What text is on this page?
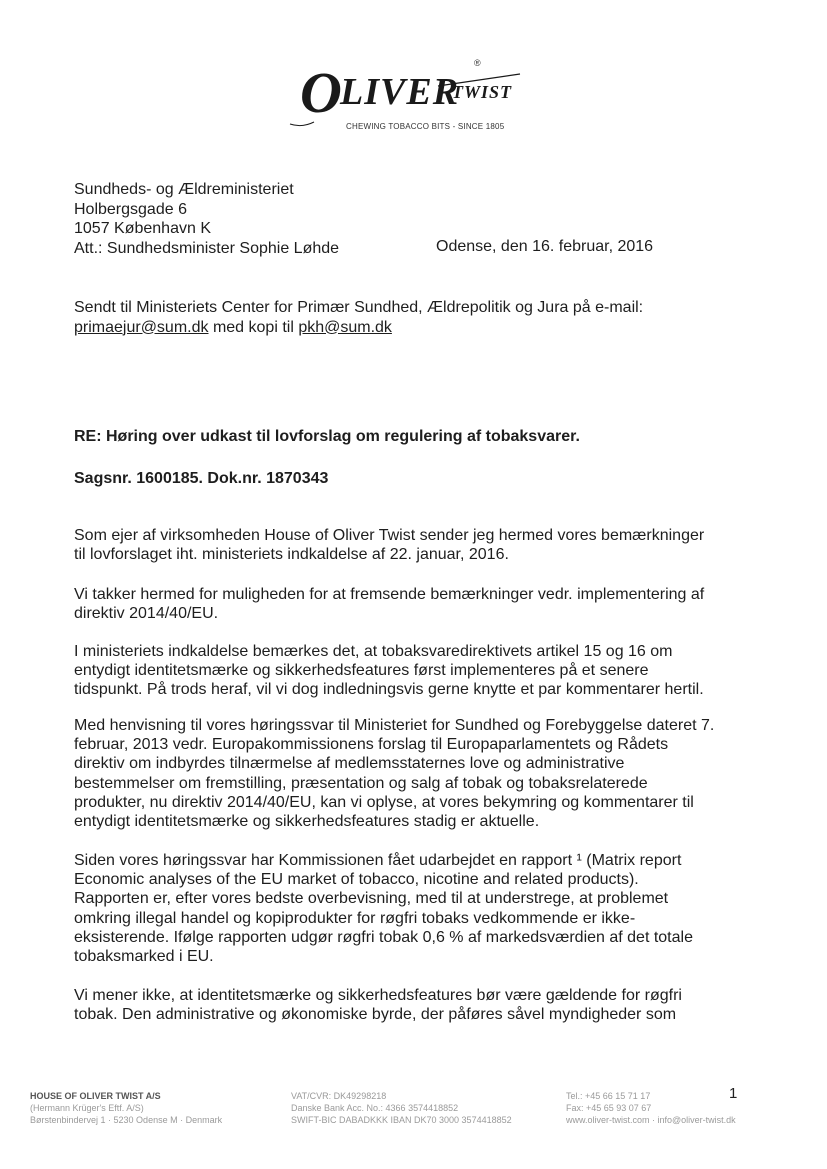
O
LIVER
®
TWIST
CHEWING TOBACCO BITS - SINCE 1805
Sundheds- og Ældreministeriet
Holbergsgade 6
1057 København K
Att.: Sundhedsminister Sophie Løhde	Odense, den 16. februar, 2016
Sendt til Ministeriets Center for Primær Sundhed, Ældrepolitik og Jura på e-mail:
primaejur@sum.dk med kopi til pkh@sum.dk
RE: Høring over udkast til lovforslag om regulering af tobaksvarer.
Sagsnr. 1600185. Dok.nr. 1870343
Som ejer af virksomheden House of Oliver Twist sender jeg hermed vores bemærkninger
til lovforslaget iht. ministeriets indkaldelse af 22. januar, 2016.
Vi takker hermed for muligheden for at fremsende bemærkninger vedr. implementering af
direktiv 2014/40/EU.
I ministeriets indkaldelse bemærkes det, at tobaksvaredirektivets artikel 15 og 16 om
entydigt identitetsmærke og sikkerhedsfeatures først implementeres på et senere
tidspunkt. På trods heraf, vil vi dog indledningsvis gerne knytte et par kommentarer hertil.
Med henvisning til vores høringssvar til Ministeriet for Sundhed og Forebyggelse dateret 7.
februar, 2013 vedr. Europakommissionens forslag til Europaparlamentets og Rådets
direktiv om indbyrdes tilnærmelse af medlemsstaternes love og administrative
bestemmelser om fremstilling, præsentation og salg af tobak og tobaksrelaterede
produkter, nu direktiv 2014/40/EU, kan vi oplyse, at vores bekymring og kommentarer til
entydigt identitetsmærke og sikkerhedsfeatures stadig er aktuelle.
Siden vores høringssvar har Kommissionen fået udarbejdet en rapport ¹ (Matrix report
Economic analyses of the EU market of tobacco, nicotine and related products).
Rapporten er, efter vores bedste overbevisning, med til at understrege, at problemet
omkring illegal handel og kopiprodukter for røgfri tobaks vedkommende er ikke-
eksisterende. Ifølge rapporten udgør røgfri tobak 0,6 % af markedsværdien af det totale
tobaksmarked i EU.
Vi mener ikke, at identitetsmærke og sikkerhedsfeatures bør være gældende for røgfri
tobak. Den administrative og økonomiske byrde, der påføres såvel myndigheder som
HOUSE OF OLIVER TWIST A/S
(Hermann Krüger's Eftf. A/S)
Børstenbindervej 1 · 5230 Odense M · Denmark
VAT/CVR: DK49298218
Danske Bank Acc. No.: 4366 3574418852
SWIFT-BIC DABADKKK IBAN DK70 3000 3574418852
Tel.: +45 66 15 71 17
Fax: +45 65 93 07 67
www.oliver-twist.com · info@oliver-twist.dk
1
